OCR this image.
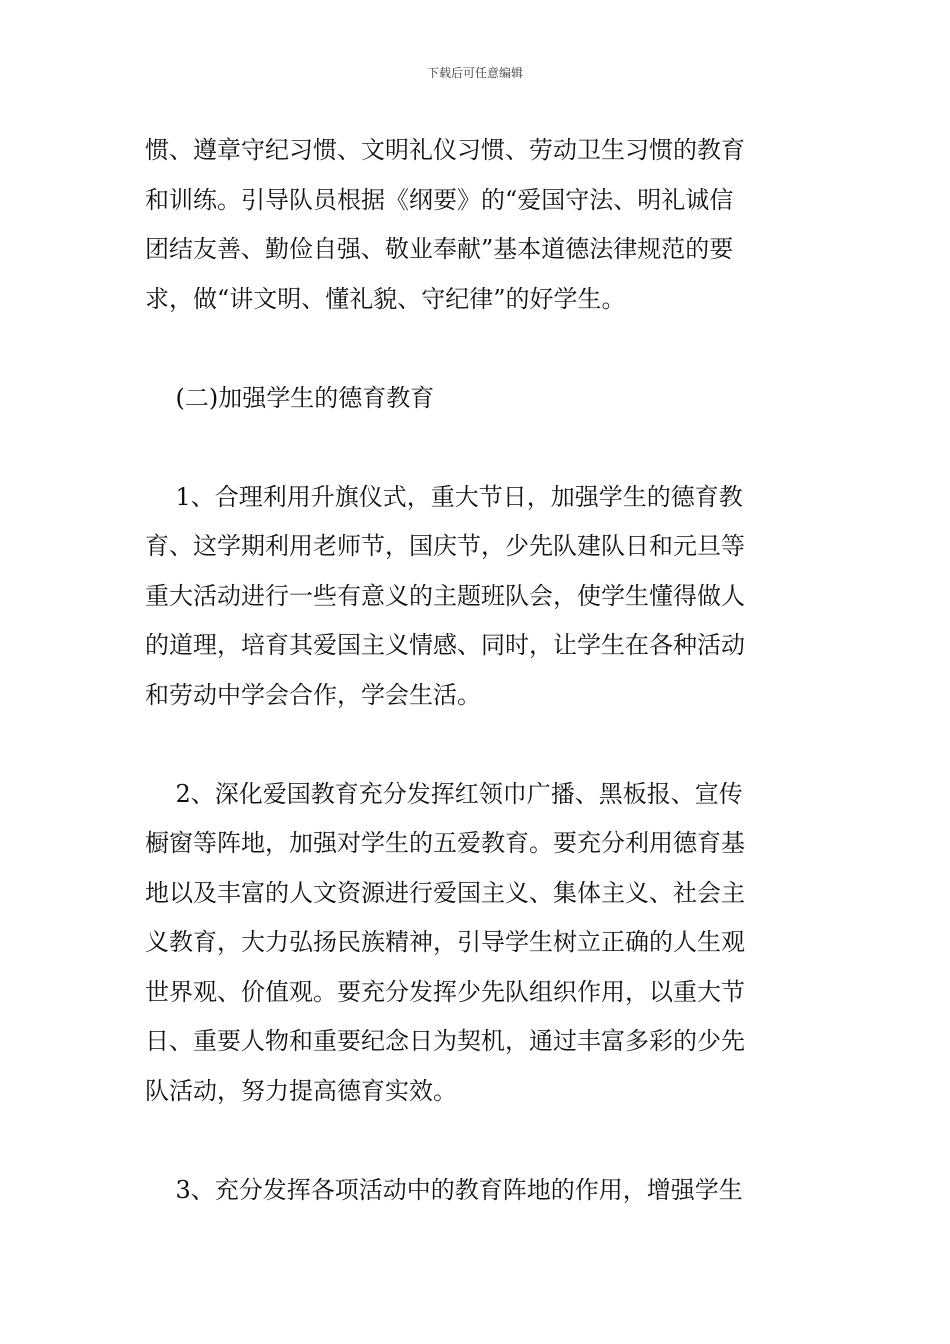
下载后可任意编辑
惯、遵章守纪习惯、文明礼仪习惯、劳动卫生习惯的教育
和训练。引导队员根据《纲要》的“爱国守法、明礼诚信
团结友善、勤俭自强、敬业奉献”基本道德法律规范的要
求，做“讲文明、懂礼貌、守纪律”的好学生。
(二)加强学生的德育教育
1、合理利用升旗仪式，重大节日，加强学生的德育教
育、这学期利用老师节，国庆节，少先队建队日和元旦等
重大活动进行一些有意义的主题班队会，使学生懂得做人
的道理，培育其爱国主义情感、同时，让学生在各种活动
和劳动中学会合作，学会生活。
2、深化爱国教育充分发挥红领巾广播、黑板报、宣传
橱窗等阵地，加强对学生的五爱教育。要充分利用德育基
地以及丰富的人文资源进行爱国主义、集体主义、社会主
义教育，大力弘扬民族精神，引导学生树立正确的人生观
世界观、价值观。要充分发挥少先队组织作用，以重大节
日、重要人物和重要纪念日为契机，通过丰富多彩的少先
队活动，努力提高德育实效。
3、充分发挥各项活动中的教育阵地的作用，增强学生
